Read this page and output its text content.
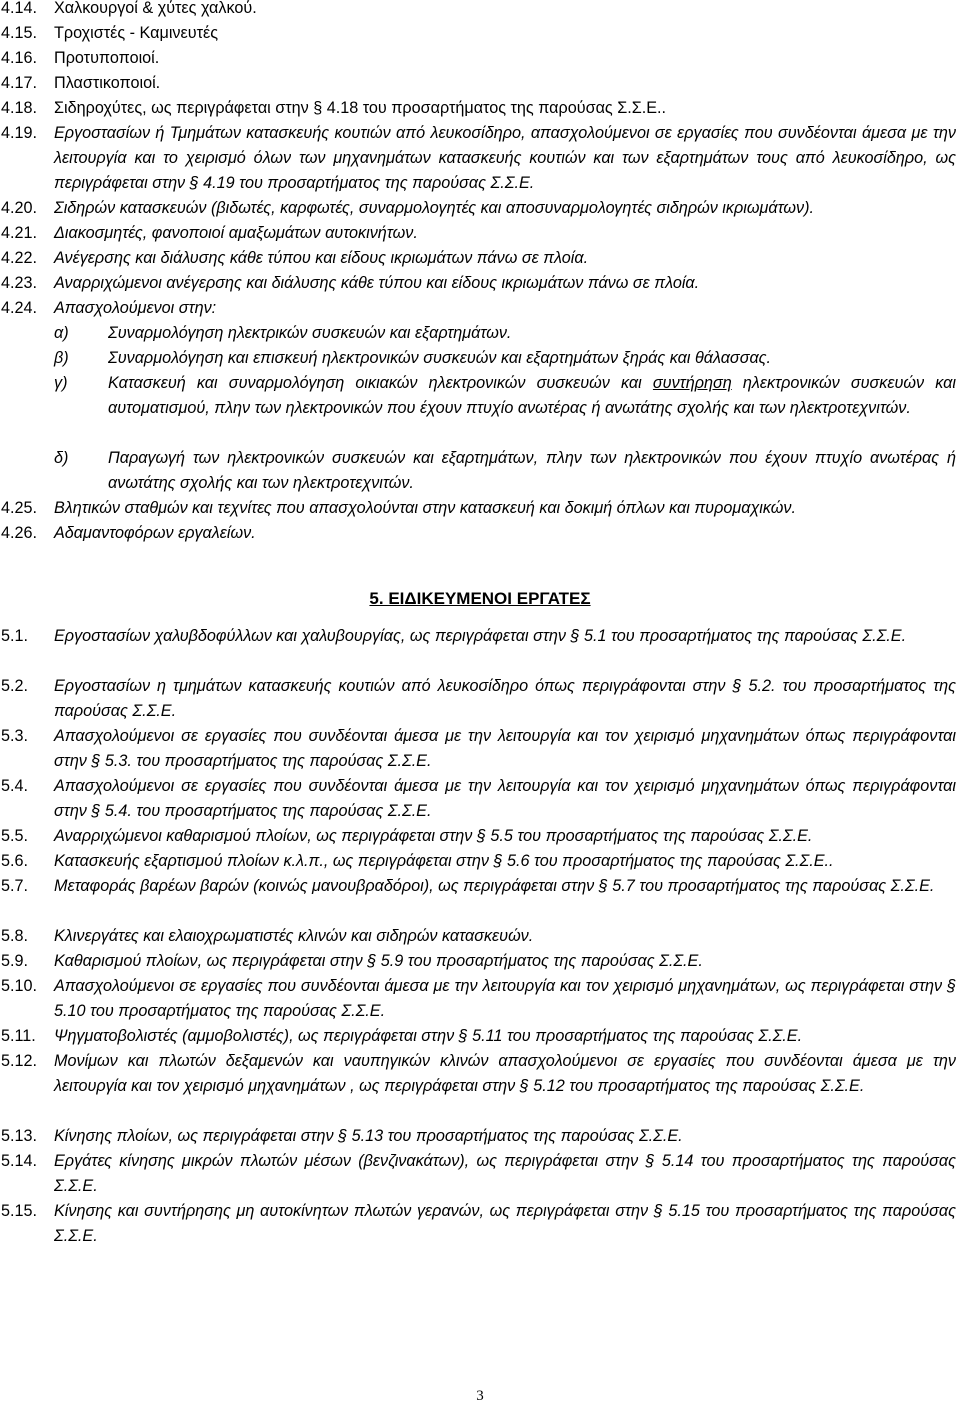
4.14. Χαλκουργοί & χύτες χαλκού.
4.15. Τροχιστές - Καμινευτές
4.16. Προτυποποιοί.
4.17. Πλαστικοποιοί.
4.18. Σιδηροχύτες, ως περιγράφεται στην § 4.18 του προσαρτήματος της παρούσας Σ.Σ.Ε..
4.19. Εργοστασίων ή Τμημάτων κατασκευής κουτιών από λευκοσίδηρο, απασχολούμενοι σε εργασίες που συνδέονται άμεσα με την λειτουργία και το χειρισμό όλων των μηχανημάτων κατασκευής κουτιών και των εξαρτημάτων τους από λευκοσίδηρο, ως περιγράφεται στην § 4.19 του προσαρτήματος της παρούσας Σ.Σ.Ε.
4.20. Σιδηρών κατασκευών (βιδωτές, καρφωτές, συναρμολογητές και αποσυναρμολογητές σιδηρών ικριωμάτων).
4.21. Διακοσμητές, φανοποιοί αμαξωμάτων αυτοκινήτων.
4.22. Ανέγερσης και διάλυσης κάθε τύπου και είδους ικριωμάτων πάνω σε πλοία.
4.23. Αναρριχώμενοι ανέγερσης και διάλυσης κάθε τύπου και είδους ικριωμάτων πάνω σε πλοία.
4.24. Απασχολούμενοι στην:
α) Συναρμολόγηση ηλεκτρικών συσκευών και εξαρτημάτων.
β) Συναρμολόγηση και επισκευή ηλεκτρονικών συσκευών και εξαρτημάτων ξηράς και θάλασσας.
γ)	Κατασκευή και συναρμολόγηση οικιακών ηλεκτρονικών συσκευών και συντήρηση ηλεκτρονικών συσκευών και αυτοματισμού, πλην των ηλεκτρονικών που έχουν πτυχίο ανωτέρας ή ανωτάτης σχολής και των ηλεκτροτεχνιτών.
δ) Παραγωγή των ηλεκτρονικών συσκευών και εξαρτημάτων, πλην των ηλεκτρονικών που έχουν πτυχίο ανωτέρας ή ανωτάτης σχολής και των ηλεκτροτεχνιτών.
4.25. Βλητικών σταθμών και τεχνίτες που απασχολούνται στην κατασκευή και δοκιμή όπλων και πυρομαχικών.
4.26. Αδαμαντοφόρων εργαλείων.
5. ΕΙΔΙΚΕΥΜΕΝΟΙ ΕΡΓΑΤΕΣ
5.1. Εργοστασίων χαλυβδοφύλλων και χαλυβουργίας, ως περιγράφεται στην § 5.1 του προσαρτήματος της παρούσας Σ.Σ.Ε.
5.2. Εργοστασίων η τμημάτων κατασκευής κουτιών από λευκοσίδηρο όπως περιγράφονται στην § 5.2. του προσαρτήματος της παρούσας Σ.Σ.Ε.
5.3. Απασχολούμενοι σε εργασίες που συνδέονται άμεσα με την λειτουργία και τον χειρισμό μηχανημάτων όπως περιγράφονται στην § 5.3. του προσαρτήματος της παρούσας Σ.Σ.Ε.
5.4. Απασχολούμενοι σε εργασίες που συνδέονται άμεσα με την λειτουργία και τον χειρισμό μηχανημάτων όπως περιγράφονται στην § 5.4. του προσαρτήματος της παρούσας Σ.Σ.Ε.
5.5. Αναρριχώμενοι καθαρισμού πλοίων, ως περιγράφεται στην § 5.5 του προσαρτήματος της παρούσας Σ.Σ.Ε.
5.6. Κατασκευής εξαρτισμού πλοίων κ.λ.π., ως περιγράφεται στην § 5.6 του προσαρτήματος της παρούσας Σ.Σ.Ε..
5.7. Μεταφοράς βαρέων βαρών (κοινώς μανουβραδόροι), ως περιγράφεται στην § 5.7 του προσαρτήματος της παρούσας Σ.Σ.Ε.
5.8. Κλινεργάτες και ελαιοχρωματιστές κλινών και σιδηρών κατασκευών.
5.9. Καθαρισμού πλοίων, ως περιγράφεται στην § 5.9 του προσαρτήματος της παρούσας Σ.Σ.Ε.
5.10. Απασχολούμενοι σε εργασίες που συνδέονται άμεσα με την λειτουργία και τον χειρισμό μηχανημάτων, ως περιγράφεται στην § 5.10 του προσαρτήματος της παρούσας Σ.Σ.Ε.
5.11. Ψηγματοβολιστές (αμμοβολιστές), ως περιγράφεται στην § 5.11 του προσαρτήματος της παρούσας Σ.Σ.Ε.
5.12. Μονίμων και πλωτών δεξαμενών και ναυπηγικών κλινών απασχολούμενοι σε εργασίες που συνδέονται άμεσα με την λειτουργία και τον χειρισμό μηχανημάτων , ως περιγράφεται στην § 5.12 του προσαρτήματος της παρούσας Σ.Σ.Ε.
5.13. Κίνησης πλοίων, ως περιγράφεται στην § 5.13 του προσαρτήματος της παρούσας Σ.Σ.Ε.
5.14. Εργάτες κίνησης μικρών πλωτών μέσων (βενζινακάτων), ως περιγράφεται στην § 5.14 του προσαρτήματος της παρούσας Σ.Σ.Ε.
5.15. Κίνησης και συντήρησης μη αυτοκίνητων πλωτών γερανών, ως περιγράφεται στην § 5.15 του προσαρτήματος της παρούσας Σ.Σ.Ε.
3
